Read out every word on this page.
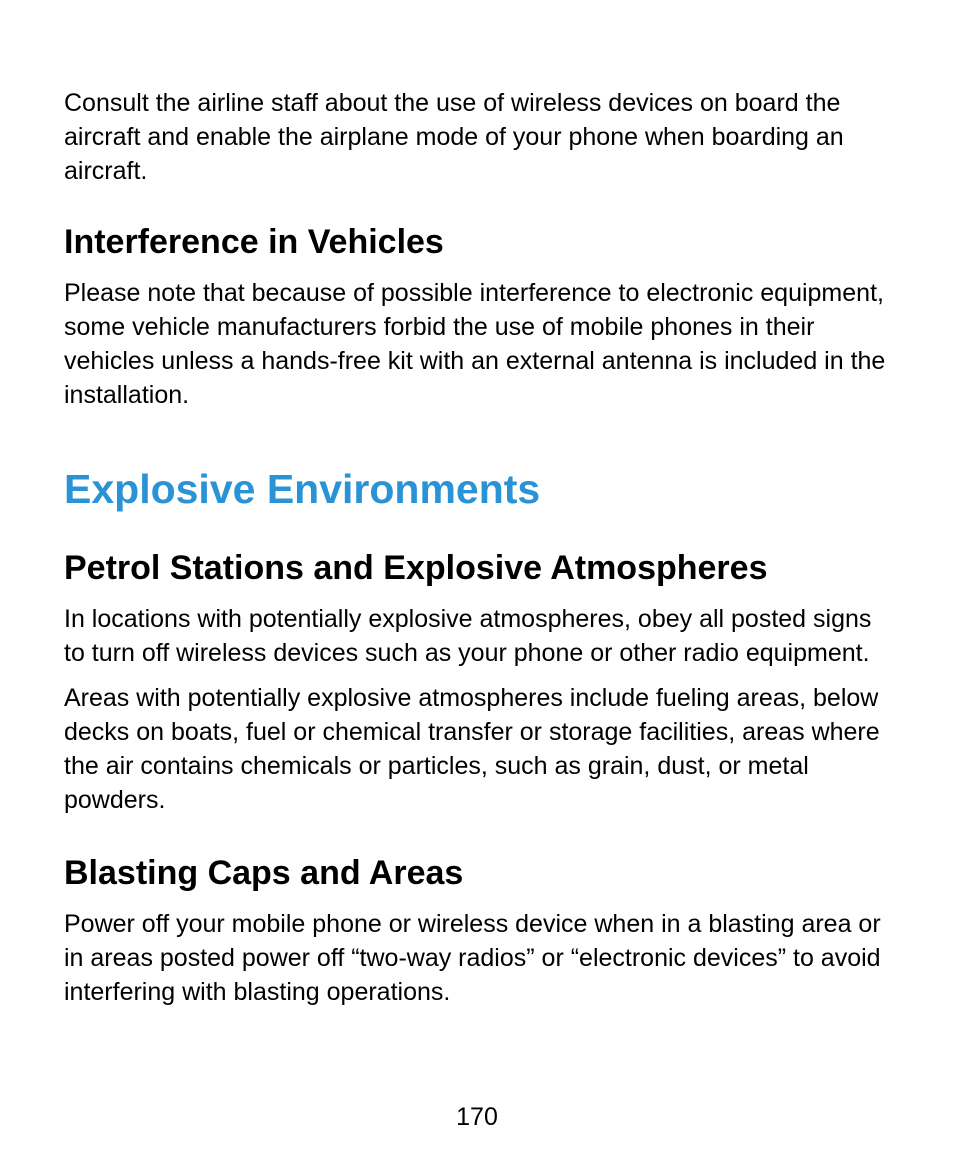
Consult the airline staff about the use of wireless devices on board the aircraft and enable the airplane mode of your phone when boarding an aircraft.

Interference in Vehicles

Please note that because of possible interference to electronic equipment, some vehicle manufacturers forbid the use of mobile phones in their vehicles unless a hands-free kit with an external antenna is included in the installation.

Explosive Environments
Petrol Stations and Explosive Atmospheres

In locations with potentially explosive atmospheres, obey all posted signs to turn off wireless devices such as your phone or other radio equipment.

Areas with potentially explosive atmospheres include fueling areas, below decks on boats, fuel or chemical transfer or storage facilities, areas where the air contains chemicals or particles, such as grain, dust, or metal powders.

Blasting Caps and Areas

Power off your mobile phone or wireless device when in a blasting area or in areas posted power off “two-way radios” or “electronic devices” to avoid interfering with blasting operations.

170
